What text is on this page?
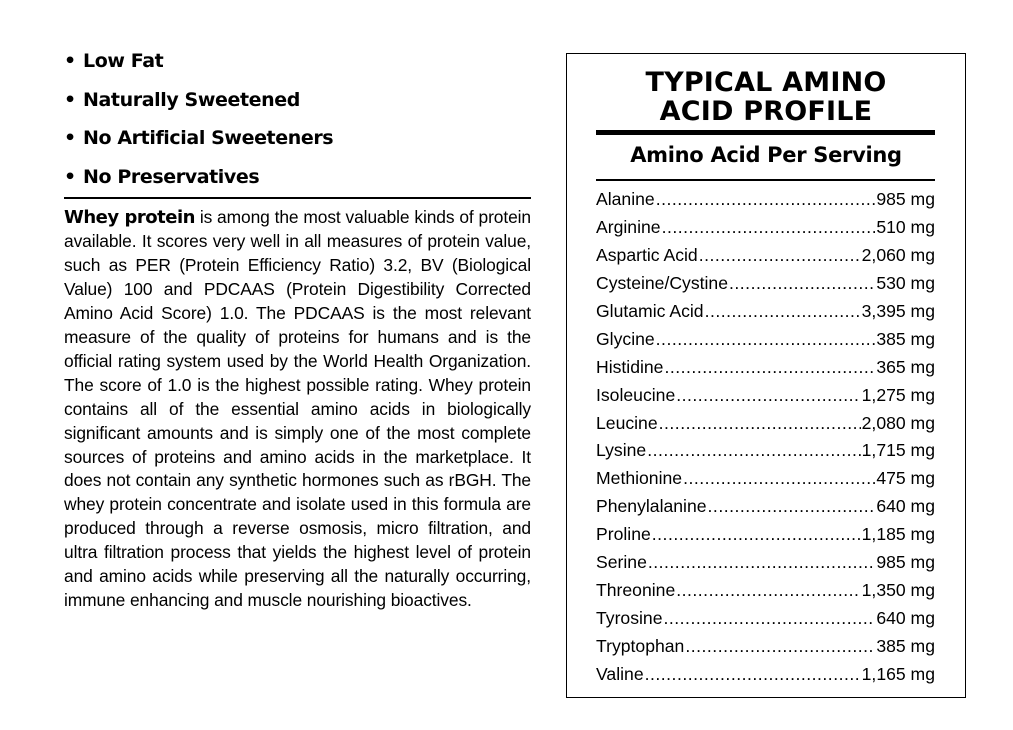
• Low Fat
• Naturally Sweetened
• No Artificial Sweeteners
• No Preservatives

Whey protein is among the most valuable kinds of protein available. It scores very well in all measures of protein value, such as PER (Protein Efficiency Ratio) 3.2, BV (Biological Value) 100 and PDCAAS (Protein Digestibility Corrected Amino Acid Score) 1.0. The PDCAAS is the most relevant measure of the quality of proteins for humans and is the official rating system used by the World Health Organization. The score of 1.0 is the highest possible rating. Whey protein contains all of the essential amino acids in biologically significant amounts and is simply one of the most complete sources of proteins and amino acids in the marketplace. It does not contain any synthetic hormones such as rBGH. The whey protein concentrate and isolate used in this formula are produced through a reverse osmosis, micro filtration, and ultra filtration process that yields the highest level of protein and amino acids while preserving all the naturally occurring, immune enhancing and muscle nourishing bioactives.

TYPICAL AMINO
ACID PROFILE
Amino Acid Per Serving
Alanine .....	985 mg
Arginine .....	510 mg
Aspartic Acid .....	2,060 mg
Cysteine/Cystine .....	530 mg
Glutamic Acid .....	3,395 mg
Glycine .....	385 mg
Histidine .....	365 mg
Isoleucine .....	1,275 mg
Leucine .....	2,080 mg
Lysine .....	1,715 mg
Methionine .....	475 mg
Phenylalanine .....	640 mg
Proline .....	1,185 mg
Serine .....	985 mg
Threonine .....	1,350 mg
Tyrosine .....	640 mg
Tryptophan .....	385 mg
Valine .....	1,165 mg
